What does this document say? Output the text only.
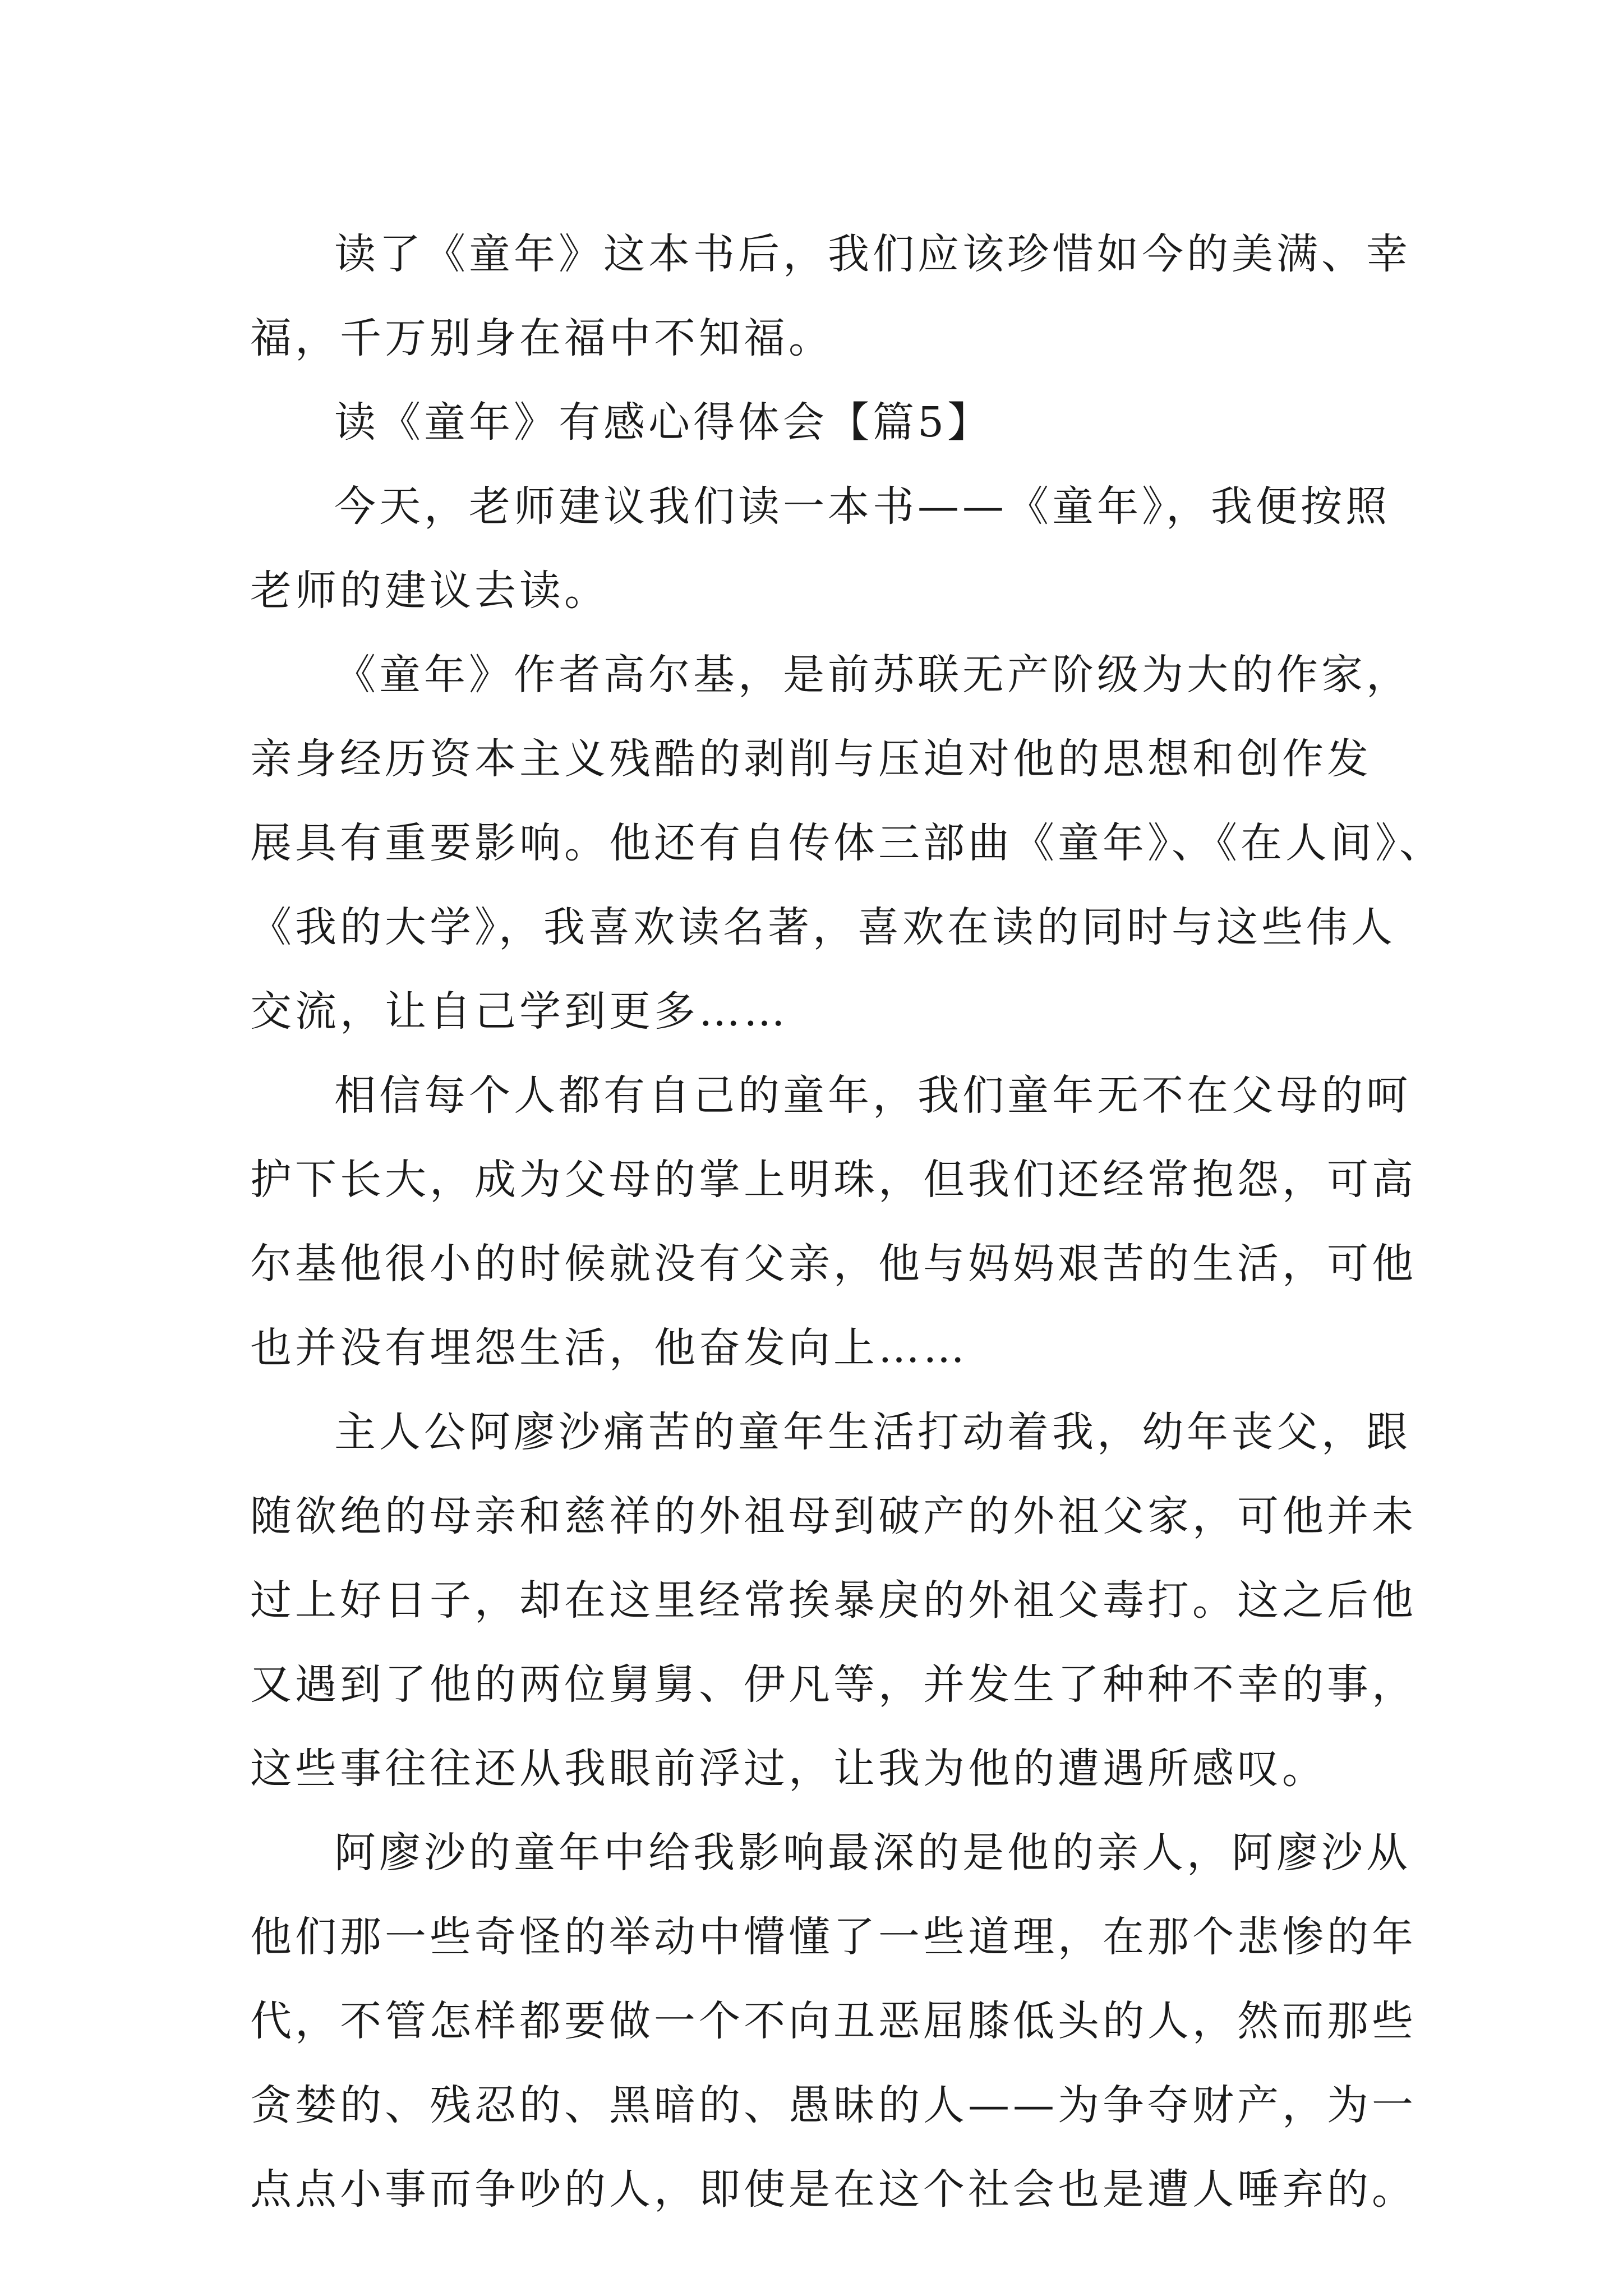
读了《童年》这本书后，我们应该珍惜如今的美满、幸
福，千万别身在福中不知福。
读《童年》有感心得体会【篇5】
今天，老师建议我们读一本书——《童年》，我便按照
老师的建议去读。
《童年》作者高尔基，是前苏联无产阶级为大的作家，
亲身经历资本主义残酷的剥削与压迫对他的思想和创作发
展具有重要影响。他还有自传体三部曲《童年》、《在人间》、
《我的大学》，我喜欢读名著，喜欢在读的同时与这些伟人
交流，让自己学到更多……
相信每个人都有自己的童年，我们童年无不在父母的呵
护下长大，成为父母的掌上明珠，但我们还经常抱怨，可高
尔基他很小的时候就没有父亲，他与妈妈艰苦的生活，可他
也并没有埋怨生活，他奋发向上……
主人公阿廖沙痛苦的童年生活打动着我，幼年丧父，跟
随欲绝的母亲和慈祥的外祖母到破产的外祖父家，可他并未
过上好日子，却在这里经常挨暴戾的外祖父毒打。这之后他
又遇到了他的两位舅舅、伊凡等，并发生了种种不幸的事，
这些事往往还从我眼前浮过，让我为他的遭遇所感叹。
阿廖沙的童年中给我影响最深的是他的亲人，阿廖沙从
他们那一些奇怪的举动中懵懂了一些道理，在那个悲惨的年
代，不管怎样都要做一个不向丑恶屈膝低头的人，然而那些
贪婪的、残忍的、黑暗的、愚昧的人——为争夺财产，为一
点点小事而争吵的人，即使是在这个社会也是遭人唾弃的。
